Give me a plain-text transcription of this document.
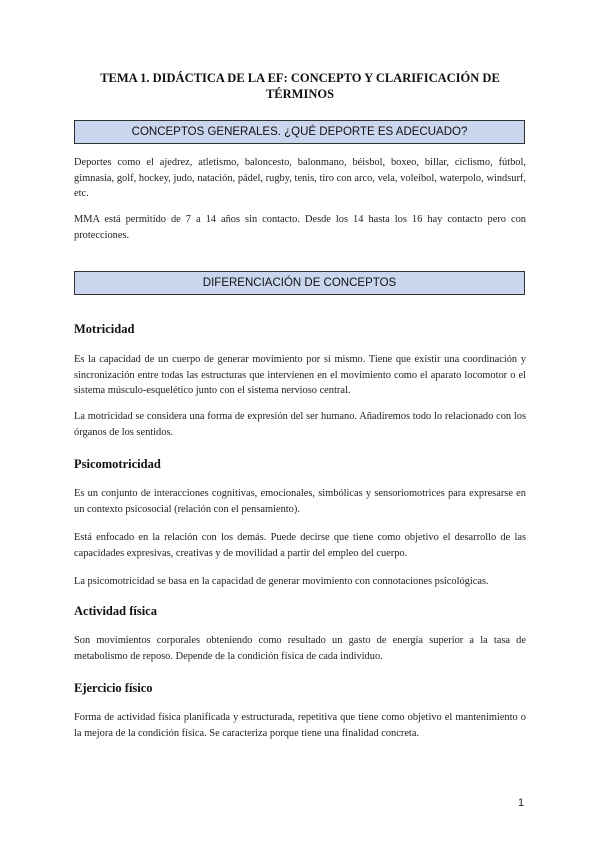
TEMA 1. DIDÁCTICA DE LA EF: CONCEPTO Y CLARIFICACIÓN DE TÉRMINOS
CONCEPTOS GENERALES. ¿QUÉ DEPORTE ES ADECUADO?
Deportes como el ajedrez, atletismo, baloncesto, balonmano, béisbol, boxeo, billar, ciclismo, fútbol, gimnasia, golf, hockey, judo, natación, pádel, rugby, tenis, tiro con arco, vela, voleibol, waterpolo, windsurf, etc.
MMA está permitido de 7 a 14 años sin contacto. Desde los 14 hasta los 16 hay contacto pero con protecciones.
DIFERENCIACIÓN DE CONCEPTOS
Motricidad
Es la capacidad de un cuerpo de generar movimiento por sí mismo. Tiene que existir una coordinación y sincronización entre todas las estructuras que intervienen en el movimiento como el aparato locomotor o el sistema músculo-esquelético junto con el sistema nervioso central.
La motricidad se considera una forma de expresión del ser humano. Añadiremos todo lo relacionado con los órganos de los sentidos.
Psicomotricidad
Es un conjunto de interacciones cognitivas, emocionales, simbólicas y sensoriomotrices para expresarse en un contexto psicosocial (relación con el pensamiento).
Está enfocado en la relación con los demás. Puede decirse que tiene como objetivo el desarrollo de las capacidades expresivas, creativas y de movilidad a partir del empleo del cuerpo.
La psicomotricidad se basa en la capacidad de generar movimiento con connotaciones psicológicas.
Actividad física
Son movimientos corporales obteniendo como resultado un gasto de energía superior a la tasa de metabolismo de reposo. Depende de la condición física de cada individuo.
Ejercicio físico
Forma de actividad física planificada y estructurada, repetitiva que tiene como objetivo el mantenimiento o la mejora de la condición física. Se caracteriza porque tiene una finalidad concreta.
1
